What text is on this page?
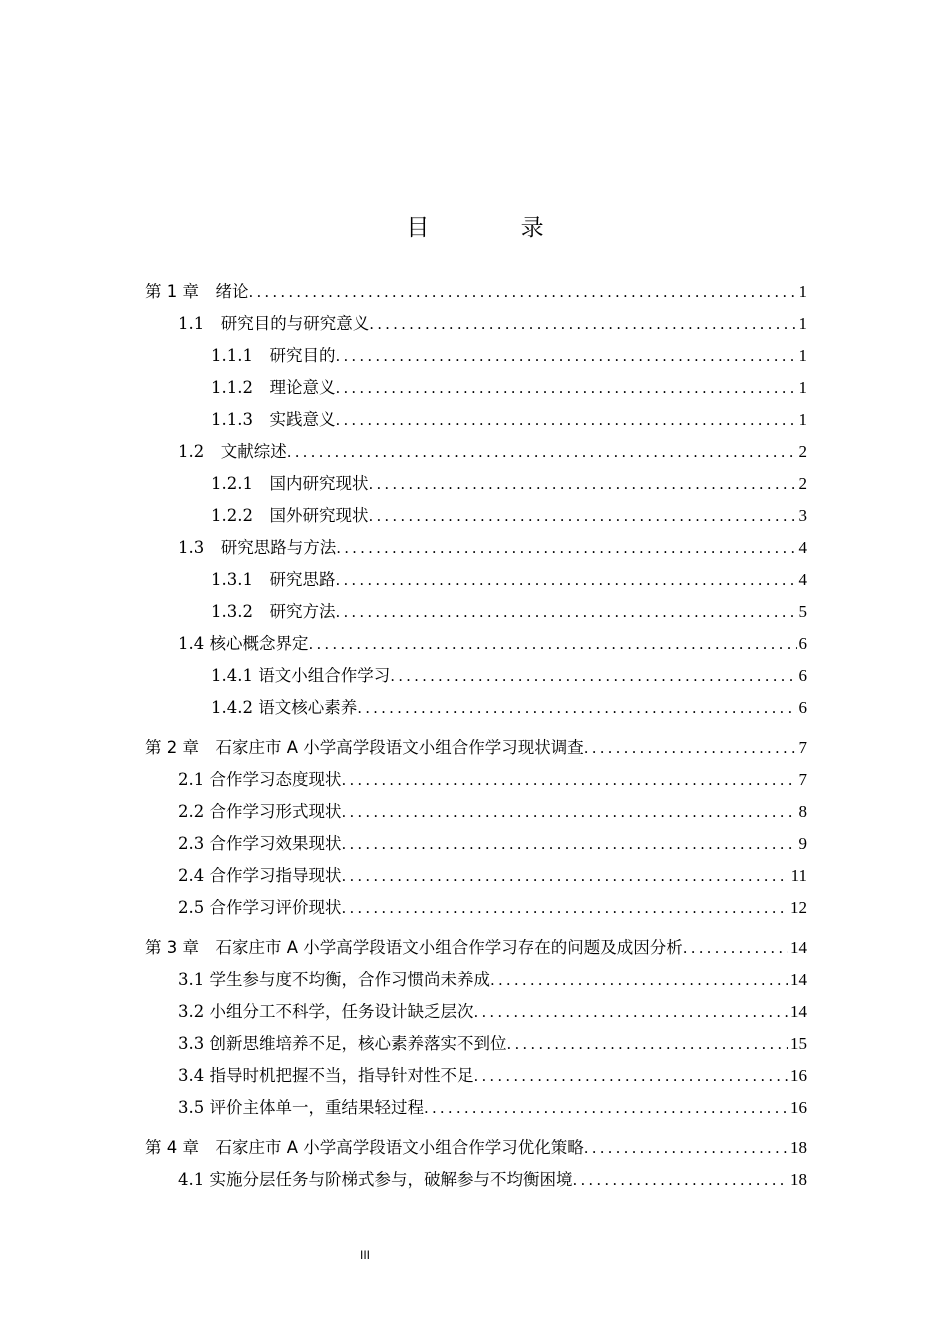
目 录
第 1 章　绪论 .....	1
1.1　研究目的与研究意义 .....	1
1.1.1　研究目的 .....	1
1.1.2　理论意义 .....	1
1.1.3　实践意义 .....	1
1.2　文献综述 .....	2
1.2.1　国内研究现状 .....	2
1.2.2　国外研究现状 .....	3
1.3　研究思路与方法 .....	4
1.3.1　研究思路 .....	4
1.3.2　研究方法 .....	5
1.4 核心概念界定 .....	6
1.4.1 语文小组合作学习 .....	6
1.4.2 语文核心素养 .....	6
第 2 章　石家庄市 A 小学高学段语文小组合作学习现状调查 .....	7
2.1 合作学习态度现状 .....	7
2.2 合作学习形式现状 .....	8
2.3 合作学习效果现状 .....	9
2.4 合作学习指导现状 .....	11
2.5 合作学习评价现状 .....	12
第 3 章　石家庄市 A 小学高学段语文小组合作学习存在的问题及成因分析 .....	14
3.1 学生参与度不均衡，合作习惯尚未养成 .....	14
3.2 小组分工不科学，任务设计缺乏层次 .....	14
3.3 创新思维培养不足，核心素养落实不到位 .....	15
3.4 指导时机把握不当，指导针对性不足 .....	16
3.5 评价主体单一，重结果轻过程 .....	16
第 4 章　石家庄市 A 小学高学段语文小组合作学习优化策略 .....	18
4.1 实施分层任务与阶梯式参与，破解参与不均衡困境 .....	18
III
